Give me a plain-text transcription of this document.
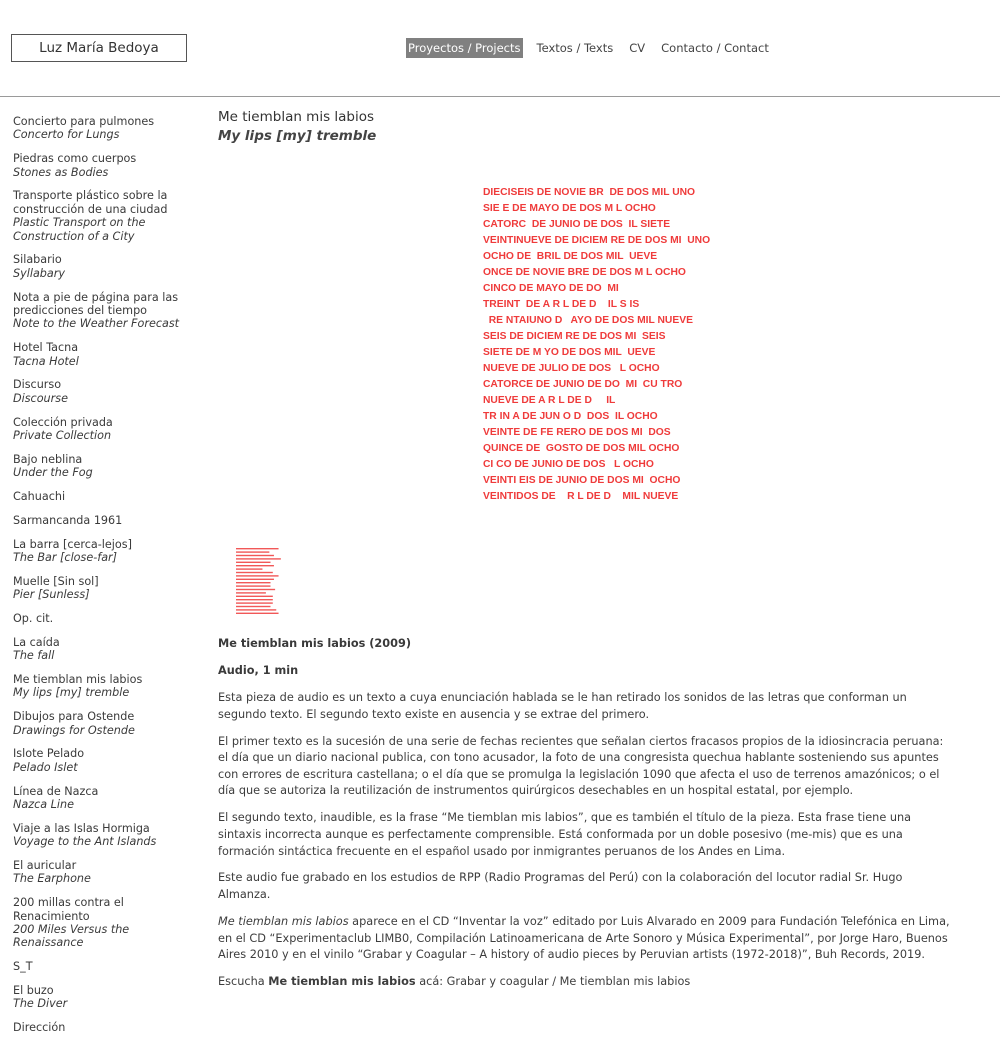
Luz María Bedoya	Proyectos / Projects Textos / Texts CV Contacto / Contact
Concierto para pulmones
Concerto for Lungs
Piedras como cuerpos
Stones as Bodies
Transporte plástico sobre la construcción de una ciudad
Plastic Transport on the Construction of a City
Silabario
Syllabary
Nota a pie de página para las predicciones del tiempo
Note to the Weather Forecast
Hotel Tacna
Tacna Hotel
Discurso
Discourse
Colección privada
Private Collection
Bajo neblina
Under the Fog
Cahuachi
Sarmancanda 1961
La barra [cerca-lejos]
The Bar [close-far]
Muelle [Sin sol]
Pier [Sunless]
Op. cit.
La caída
The fall
Me tiemblan mis labios
My lips [my] tremble
Dibujos para Ostende
Drawings for Ostende
Islote Pelado
Pelado Islet
Línea de Nazca
Nazca Line
Viaje a las Islas Hormiga
Voyage to the Ant Islands
El auricular
The Earphone
200 millas contra el Renacimiento
200 Miles Versus the Renaissance
S_T
El buzo
The Diver
Dirección
Me tiemblan mis labios
My lips [my] tremble
DIECISEIS DE NOVIE BR  DE DOS MIL UNO
SIE E DE MAYO DE DOS M L OCHO
CATORC  DE JUNIO DE DOS  IL SIETE
VEINTINUEVE DE DICIEM RE DE DOS MI  UNO
OCHO DE  BRIL DE DOS MIL  UEVE
ONCE DE NOVIE BRE DE DOS M L OCHO
CINCO DE MAYO DE DO  MI
TREINT  DE A R L DE D    IL S IS
RE NTAIUNO D   AYO DE DOS MIL NUEVE
SEIS DE DICIEM RE DE DOS MI  SEIS
SIETE DE M YO DE DOS MIL  UEVE
NUEVE DE JULIO DE DOS   L OCHO
CATORCE DE JUNIO DE DO  MI  CU TRO
NUEVE DE A R L DE D     IL
TR IN A DE JUN O D  DOS  IL OCHO
VEINTE DE FE RERO DE DOS MI  DOS
QUINCE DE  GOSTO DE DOS MIL OCHO
CI CO DE JUNIO DE DOS   L OCHO
VEINTI EIS DE JUNIO DE DOS MI  OCHO
VEINTIDOS DE    R L DE D    MIL NUEVE

Me tiemblan mis labios (2009)

Audio, 1 min

Esta pieza de audio es un texto a cuya enunciación hablada se le han retirado los sonidos de las letras que conforman un segundo texto. El segundo texto existe en ausencia y se extrae del primero.

El primer texto es la sucesión de una serie de fechas recientes que señalan ciertos fracasos propios de la idiosincracia peruana: el día que un diario nacional publica, con tono acusador, la foto de una congresista quechua hablante sosteniendo sus apuntes con errores de escritura castellana; o el día que se promulga la legislación 1090 que afecta el uso de terrenos amazónicos; o el día que se autoriza la reutilización de instrumentos quirúrgicos desechables en un hospital estatal, por ejemplo.

El segundo texto, inaudible, es la frase “Me tiemblan mis labios”, que es también el título de la pieza. Esta frase tiene una sintaxis incorrecta aunque es perfectamente comprensible. Está conformada por un doble posesivo (me-mis) que es una formación sintáctica frecuente en el español usado por inmigrantes peruanos de los Andes en Lima.

Este audio fue grabado en los estudios de RPP (Radio Programas del Perú) con la colaboración del locutor radial Sr. Hugo Almanza.

Me tiemblan mis labios aparece en el CD “Inventar la voz” editado por Luis Alvarado en 2009 para Fundación Telefónica en Lima, en el CD “Experimentaclub LIMB0, Compilación Latinoamericana de Arte Sonoro y Música Experimental”, por Jorge Haro, Buenos Aires 2010 y en el vinilo “Grabar y Coagular – A history of audio pieces by Peruvian artists (1972-2018)”, Buh Records, 2019.

Escucha Me tiemblan mis labios acá: Grabar y coagular / Me tiemblan mis labios
